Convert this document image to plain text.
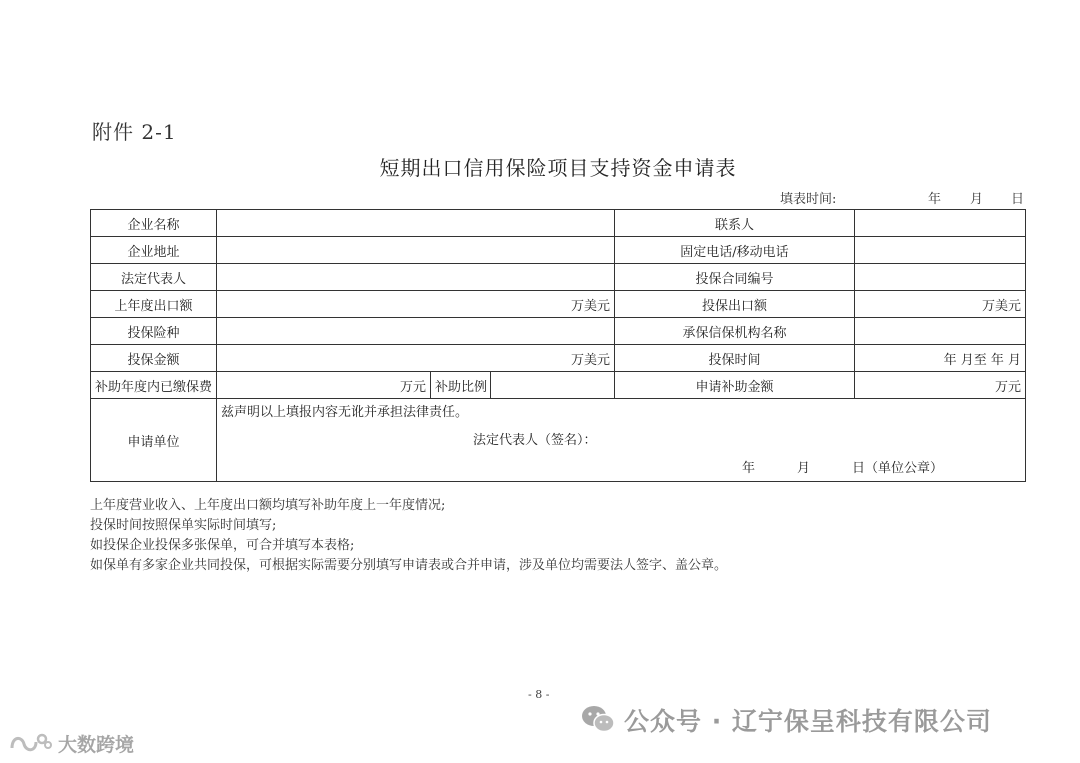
附件 2-1
短期出口信用保险项目支持资金申请表
填表时间:	年 月 日
企业名称				联系人	
企业地址				固定电话/移动电话	
法定代表人				投保合同编号	
上年度出口额	万美元			投保出口额	万美元
投保险种				承保信保机构名称	
投保金额	万美元			投保时间	年 月至 年 月
补助年度内已缴保费	万元	补助比例		申请补助金额	万元
申请单位	兹声明以上填报内容无讹并承担法律责任。
法定代表人（签名）：
年 月 日（单位公章）				
上年度营业收入、上年度出口额均填写补助年度上一年度情况;
投保时间按照保单实际时间填写;
如投保企业投保多张保单，可合并填写本表格;
如保单有多家企业共同投保，可根据实际需要分别填写申请表或合并申请，涉及单位均需要法人签字、盖公章。
- 8 -
公众号 · 辽宁保呈科技有限公司
大数跨境
